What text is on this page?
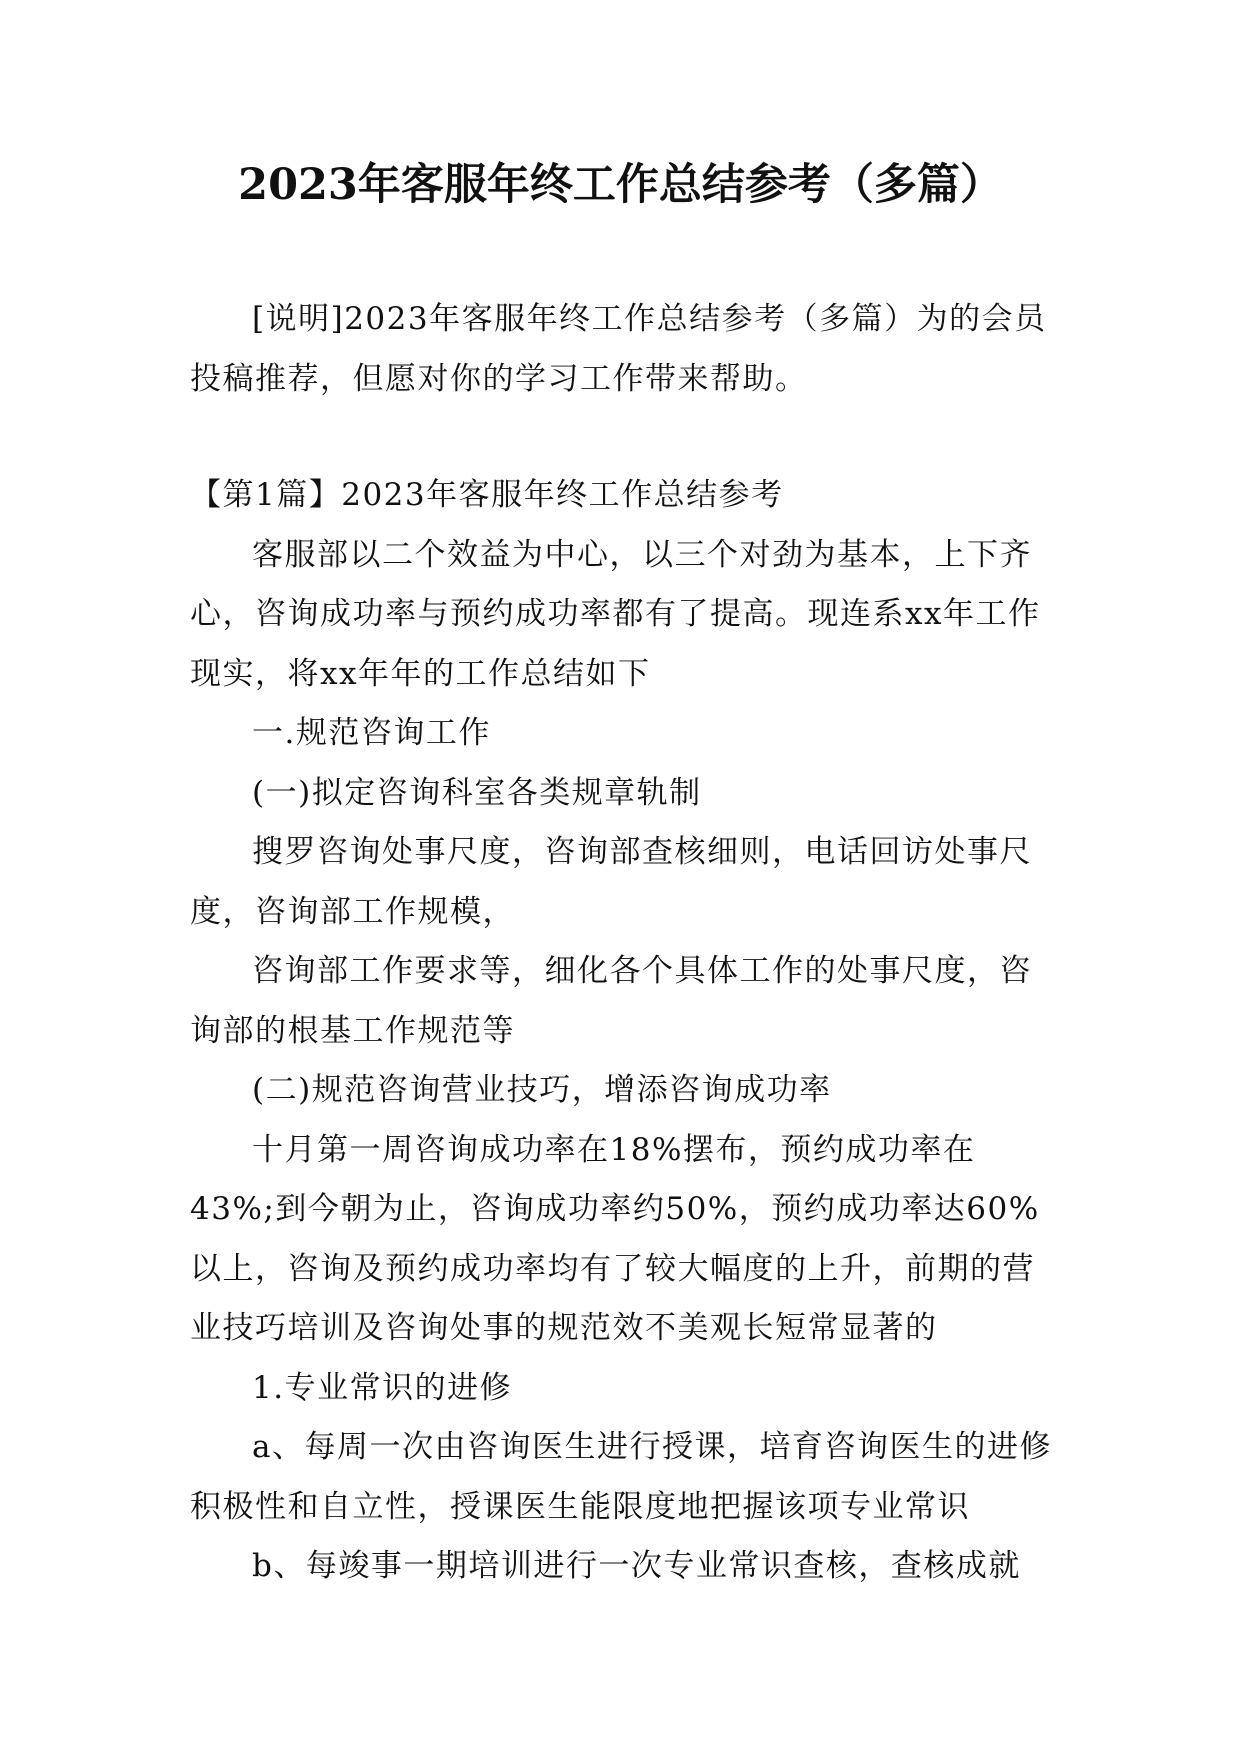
2023年客服年终工作总结参考（多篇）

[说明]2023年客服年终工作总结参考（多篇）为的会员投稿推荐，但愿对你的学习工作带来帮助。

【第1篇】2023年客服年终工作总结参考

客服部以二个效益为中心，以三个对劲为基本，上下齐心，咨询成功率与预约成功率都有了提高。现连系xx年工作现实，将xx年年的工作总结如下

一.规范咨询工作

(一)拟定咨询科室各类规章轨制

搜罗咨询处事尺度，咨询部查核细则，电话回访处事尺度，咨询部工作规模，

咨询部工作要求等，细化各个具体工作的处事尺度，咨询部的根基工作规范等

(二)规范咨询营业技巧，增添咨询成功率

十月第一周咨询成功率在18%摆布，预约成功率在43%;到今朝为止，咨询成功率约50%，预约成功率达60%以上，咨询及预约成功率均有了较大幅度的上升，前期的营业技巧培训及咨询处事的规范效不美观长短常显著的

1.专业常识的进修

a、每周一次由咨询医生进行授课，培育咨询医生的进修积极性和自立性，授课医生能限度地把握该项专业常识

b、每竣事一期培训进行一次专业常识查核，查核成就
